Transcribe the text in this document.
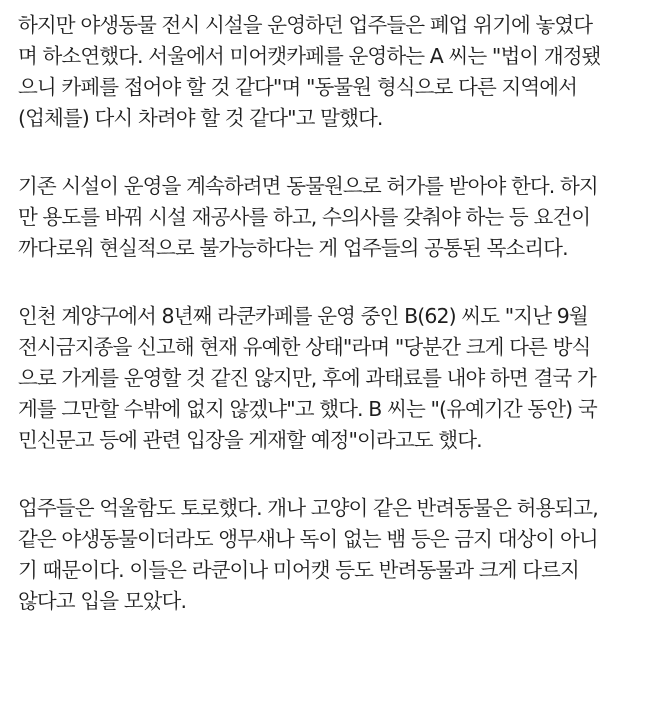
하지만 야생동물 전시 시설을 운영하던 업주들은 폐업 위기에 놓였다
며 하소연했다. 서울에서 미어캣카페를 운영하는 A 씨는 "법이 개정됐
으니 카페를 접어야 할 것 같다"며 "동물원 형식으로 다른 지역에서
(업체를) 다시 차려야 할 것 같다"고 말했다.
기존 시설이 운영을 계속하려면 동물원으로 허가를 받아야 한다. 하지
만 용도를 바꿔 시설 재공사를 하고, 수의사를 갖춰야 하는 등 요건이
까다로워 현실적으로 불가능하다는 게 업주들의 공통된 목소리다.
인천 계양구에서 8년째 라쿤카페를 운영 중인 B(62) 씨도 "지난 9월
전시금지종을 신고해 현재 유예한 상태"라며 "당분간 크게 다른 방식
으로 가게를 운영할 것 같진 않지만, 후에 과태료를 내야 하면 결국 가
게를 그만할 수밖에 없지 않겠냐"고 했다. B 씨는 "(유예기간 동안) 국
민신문고 등에 관련 입장을 게재할 예정"이라고도 했다.
업주들은 억울함도 토로했다. 개나 고양이 같은 반려동물은 허용되고,
같은 야생동물이더라도 앵무새나 독이 없는 뱀 등은 금지 대상이 아니
기 때문이다. 이들은 라쿤이나 미어캣 등도 반려동물과 크게 다르지
않다고 입을 모았다.
